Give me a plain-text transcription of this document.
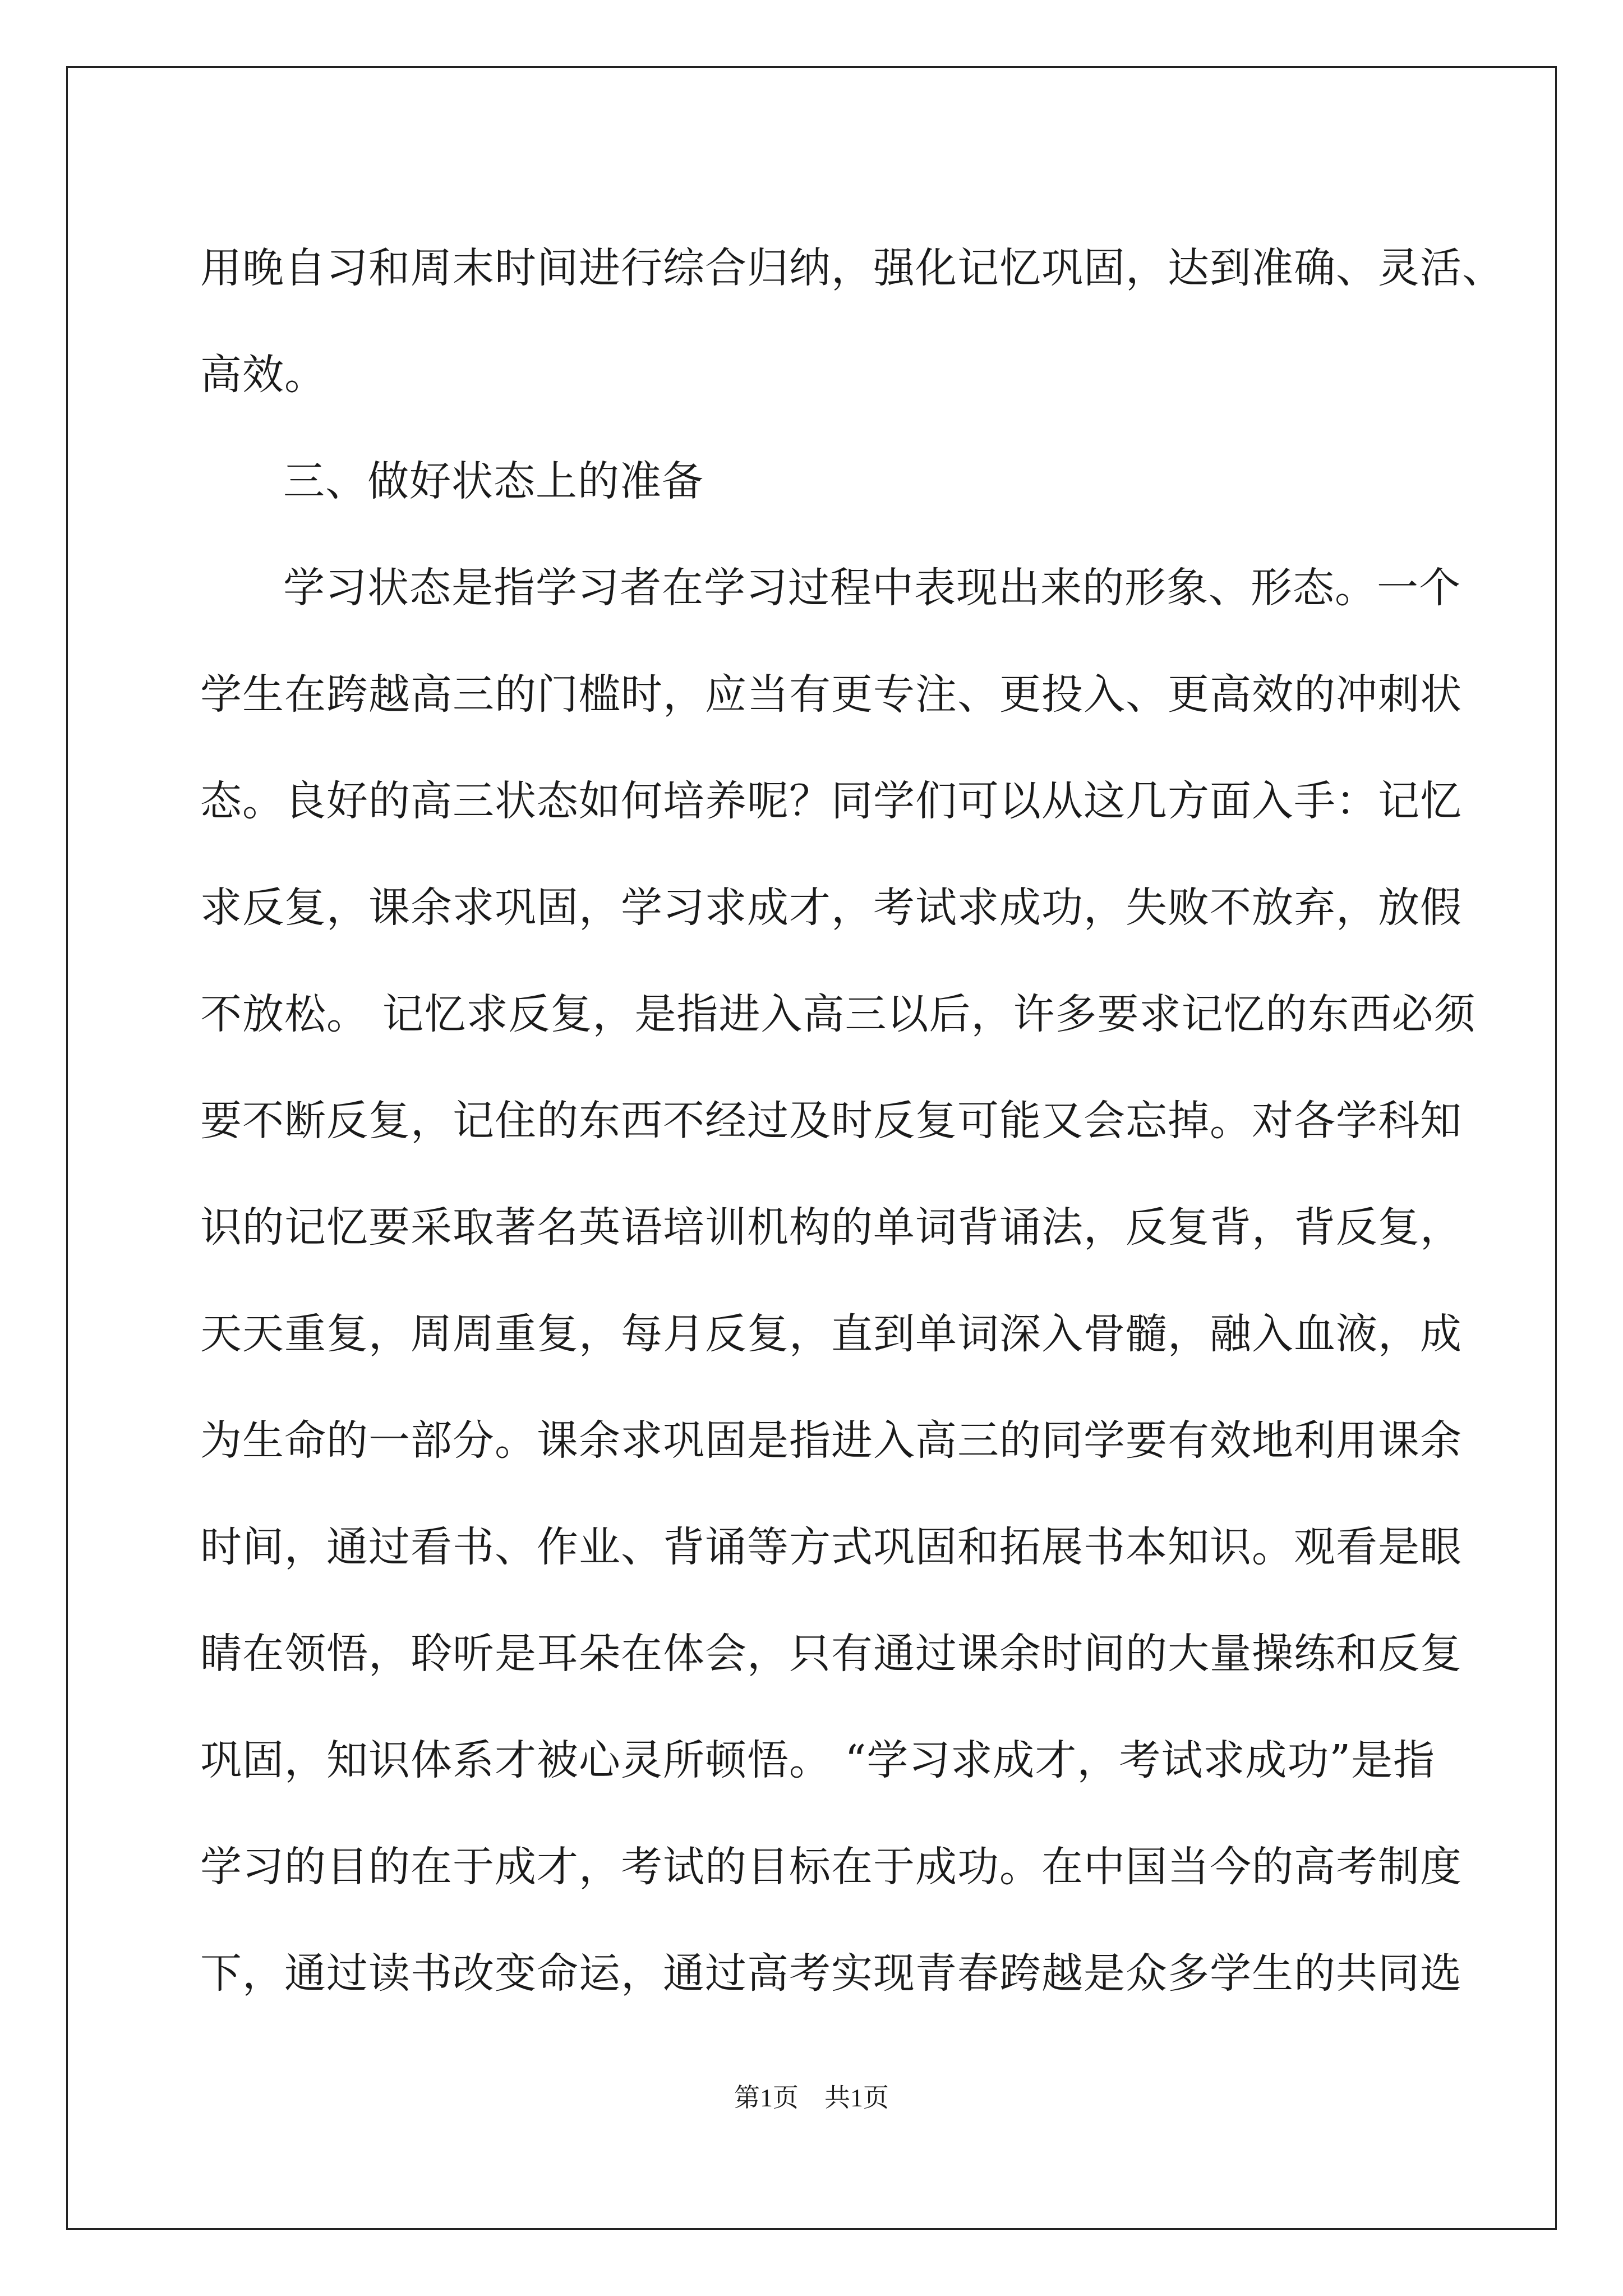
用晚自习和周末时间进行综合归纳，强化记忆巩固，达到准确、灵活、
高效。
三、做好状态上的准备
学习状态是指学习者在学习过程中表现出来的形象、形态。一个
学生在跨越高三的门槛时，应当有更专注、更投入、更高效的冲刺状
态。良好的高三状态如何培养呢？同学们可以从这几方面入手：记忆
求反复，课余求巩固，学习求成才，考试求成功，失败不放弃，放假
不放松。 记忆求反复，是指进入高三以后，许多要求记忆的东西必须
要不断反复，记住的东西不经过及时反复可能又会忘掉。对各学科知
识的记忆要采取著名英语培训机构的单词背诵法，反复背，背反复，
天天重复，周周重复，每月反复，直到单词深入骨髓，融入血液，成
为生命的一部分。课余求巩固是指进入高三的同学要有效地利用课余
时间，通过看书、作业、背诵等方式巩固和拓展书本知识。观看是眼
睛在领悟，聆听是耳朵在体会，只有通过课余时间的大量操练和反复
巩固，知识体系才被心灵所顿悟。 “学习求成才，考试求成功”是指
学习的目的在于成才，考试的目标在于成功。在中国当今的高考制度
下，通过读书改变命运，通过高考实现青春跨越是众多学生的共同选
第1页　共1页
